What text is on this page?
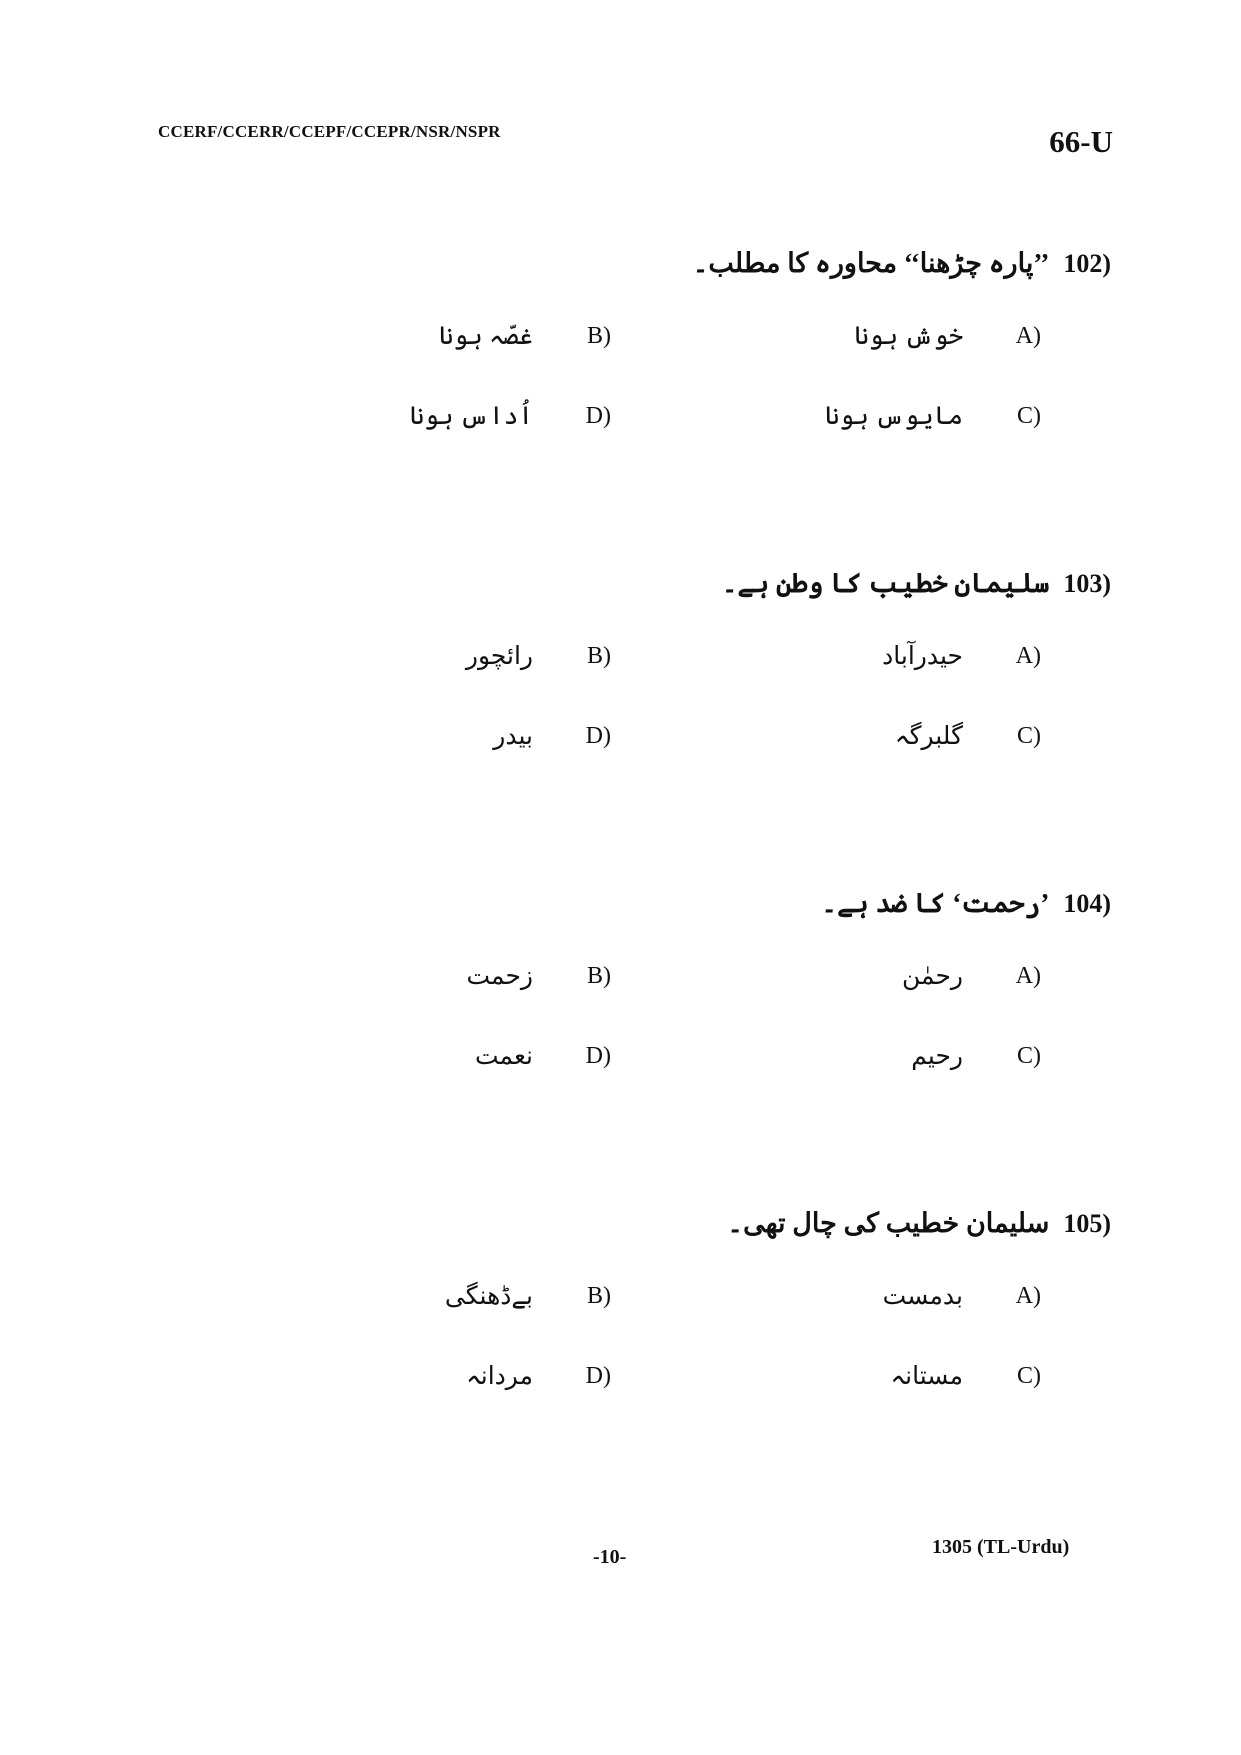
CCERF/CCERR/CCEPF/CCEPR/NSR/NSPR	66-U
102)
’’پارہ چڑھنا‘‘ محاورہ کا مطلب۔
A)
خوش ہونا
B)
غصّہ ہونا
C)
مایوس ہونا
D)
اُداس ہونا
103)
سلیمان خطیب کا وطن ہے۔
A)
حیدرآباد
B)
رائچور
C)
گلبرگہ
D)
بیدر
104)
’رحمت‘ کا ضد ہے۔
A)
رحمٰن
B)
زحمت
C)
رحیم
D)
نعمت
105)
سلیمان خطیب کی چال تھی۔
A)
بدمست
B)
بےڈھنگی
C)
مستانہ
D)
مردانہ
-10-	1305 (TL-Urdu)
